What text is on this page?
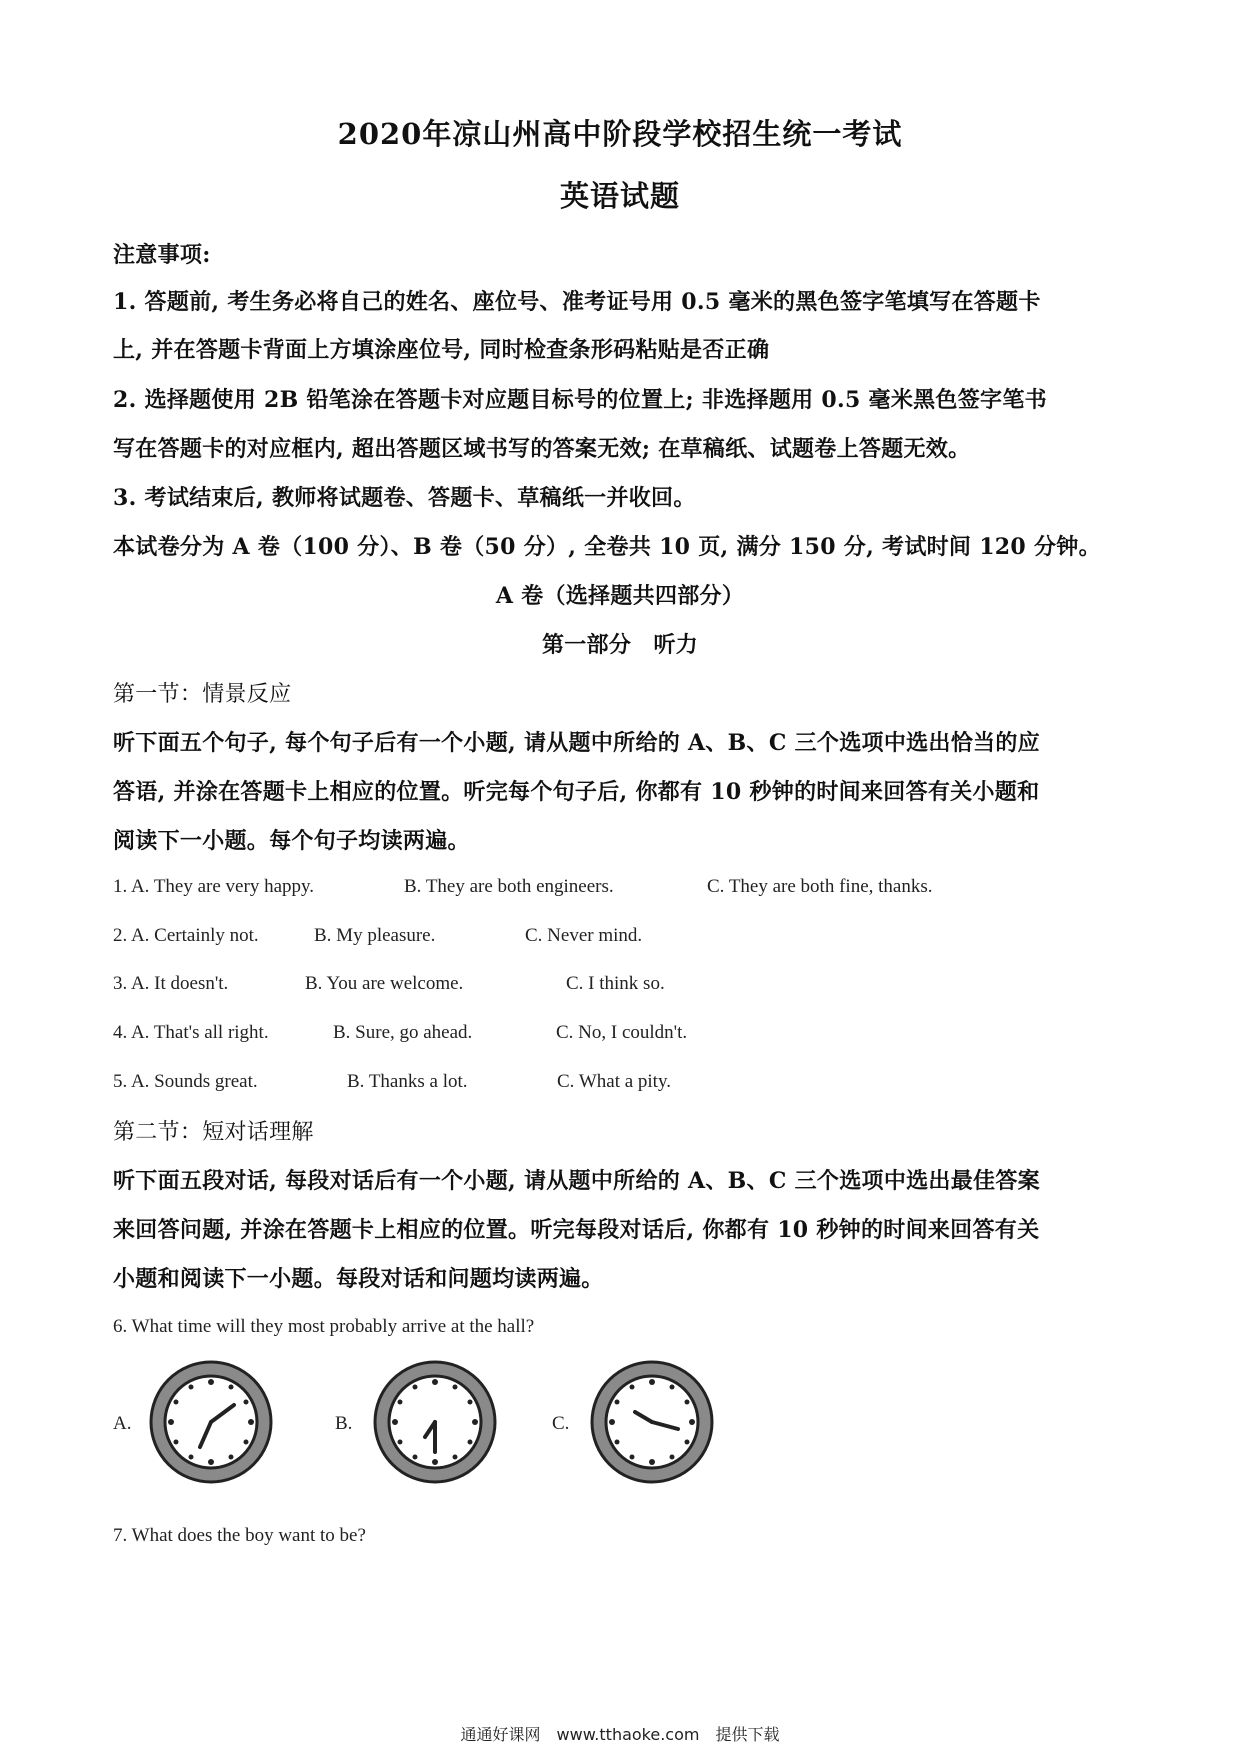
2020年凉山州高中阶段学校招生统一考试
英语试题
注意事项:
1. 答题前, 考生务必将自己的姓名、座位号、准考证号用 0.5 毫米的黑色签字笔填写在答题卡
上, 并在答题卡背面上方填涂座位号, 同时检查条形码粘贴是否正确
2. 选择题使用 2B 铅笔涂在答题卡对应题目标号的位置上; 非选择题用 0.5 毫米黑色签字笔书
写在答题卡的对应框内, 超出答题区域书写的答案无效; 在草稿纸、试题卷上答题无效。
3. 考试结束后, 教师将试题卷、答题卡、草稿纸一并收回。
本试卷分为 A 卷（100 分）、B 卷（50 分）, 全卷共 10 页, 满分 150 分, 考试时间 120 分钟。
A 卷（选择题共四部分）
第一部分　听力
第一节：情景反应
听下面五个句子, 每个句子后有一个小题, 请从题中所给的 A、B、C 三个选项中选出恰当的应
答语, 并涂在答题卡上相应的位置。听完每个句子后, 你都有 10 秒钟的时间来回答有关小题和
阅读下一小题。每个句子均读两遍。
1. A. They are very happy.	B. They are both engineers.	C. They are both fine, thanks.
2. A. Certainly not.	B. My pleasure.	C. Never mind.
3. A. It doesn't.	B. You are welcome.	C. I think so.
4. A. That's all right.	B. Sure, go ahead.	C. No, I couldn't.
5. A. Sounds great.	B. Thanks a lot.	C. What a pity.
第二节：短对话理解
听下面五段对话, 每段对话后有一个小题, 请从题中所给的 A、B、C 三个选项中选出最佳答案
来回答问题, 并涂在答题卡上相应的位置。听完每段对话后, 你都有 10 秒钟的时间来回答有关
小题和阅读下一小题。每段对话和问题均读两遍。
6. What time will they most probably arrive at the hall?
A.	B.	C.
7. What does the boy want to be?
通通好课网　www.tthaoke.com　提供下载
